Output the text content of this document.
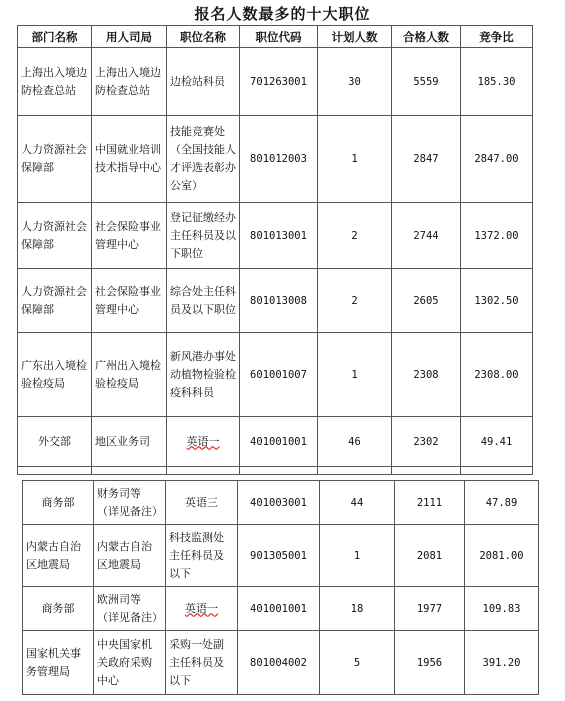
报名人数最多的十大职位
部门名称	用人司局	职位名称	职位代码	计划人数	合格人数	竞争比
上海出入境边防检查总站	上海出入境边防检查总站	边检站科员	701263001	30	5559	185.30
人力资源社会保障部	中国就业培训技术指导中心	技能竞赛处（全国技能人才评选表彰办公室）	801012003	1	2847	2847.00
人力资源社会保障部	社会保险事业管理中心	登记征缴经办主任科员及以下职位	801013001	2	2744	1372.00
人力资源社会保障部	社会保险事业管理中心	综合处主任科员及以下职位	801013008	2	2605	1302.50
广东出入境检验检疫局	广州出入境检验检疫局	新风港办事处动植物检验检疫科科员	601001007	1	2308	2308.00
外交部	地区业务司	英语一	401001001	46	2302	49.41

商务部	财务司等（详见备注）	英语三	401003001	44	2111	47.89
内蒙古自治区地震局	内蒙古自治区地震局	科技监测处主任科员及以下	901305001	1	2081	2081.00
商务部	欧洲司等（详见备注）	英语一	401001001	18	1977	109.83
国家机关事务管理局	中央国家机关政府采购中心	采购一处副主任科员及以下	801004002	5	1956	391.20
